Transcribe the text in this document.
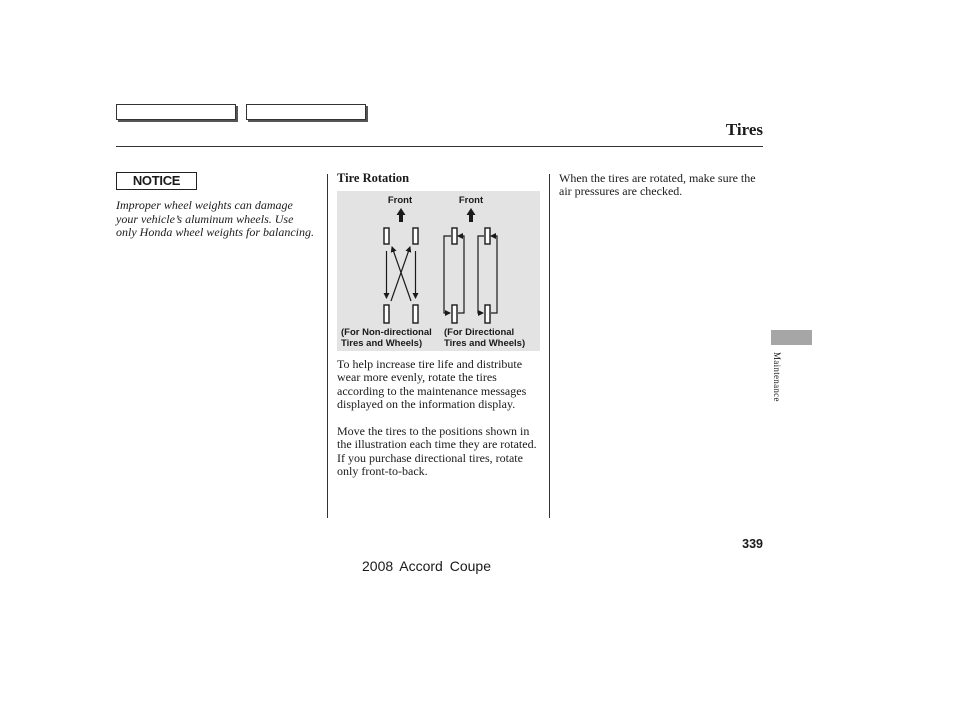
Tires
NOTICE
Improper wheel weights can damage your vehicle’s aluminum wheels. Use only Honda wheel weights for balancing.
Tire Rotation
Front	Front
(For Non-directional
Tires and Wheels)
(For Directional
Tires and Wheels)
To help increase tire life and distribute wear more evenly, rotate the tires according to the maintenance messages displayed on the information display.
Move the tires to the positions shown in the illustration each time they are rotated. If you purchase directional tires, rotate only front-to-back.
When the tires are rotated, make sure the air pressures are checked.
Maintenance
339
2008 Accord Coupe
